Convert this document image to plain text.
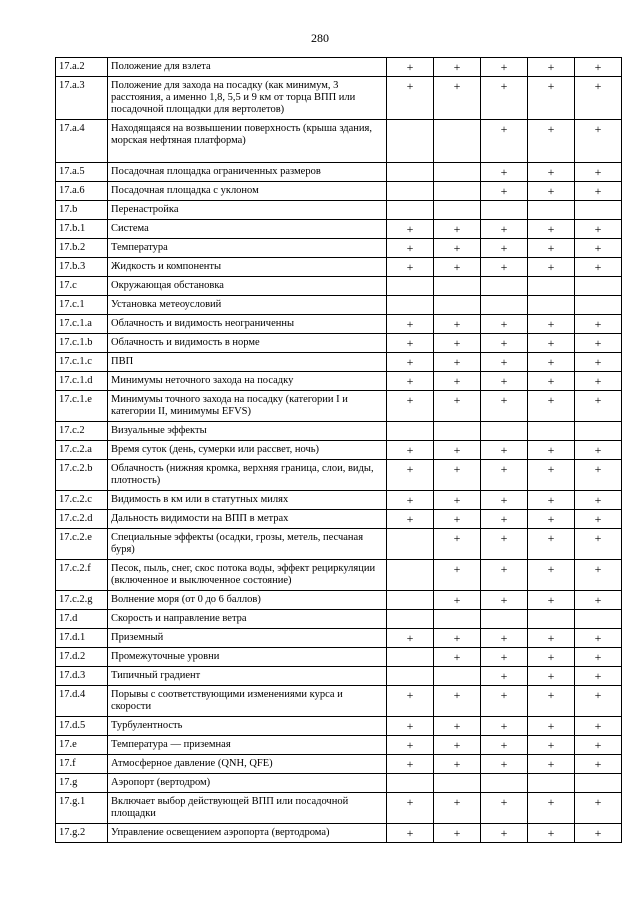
280
17.a.2	Положение для взлета	+	+	+	+	+
17.a.3	Положение для захода на посадку (как минимум, 3 расстояния, а именно 1,8, 5,5 и 9 км от торца ВПП или посадочной площадки для вертолетов)	+	+	+	+	+
17.a.4	Находящаяся на возвышении поверхность (крыша здания, морская нефтяная платформа)			+	+	+
17.a.5	Посадочная площадка ограниченных размеров			+	+	+
17.a.6	Посадочная площадка с уклоном			+	+	+
17.b	Перенастройка					
17.b.1	Система	+	+	+	+	+
17.b.2	Температура	+	+	+	+	+
17.b.3	Жидкость и компоненты	+	+	+	+	+
17.c	Окружающая обстановка					
17.c.1	Установка метеоусловий					
17.c.1.a	Облачность и видимость неограниченны	+	+	+	+	+
17.c.1.b	Облачность и видимость в норме	+	+	+	+	+
17.c.1.c	ПВП	+	+	+	+	+
17.c.1.d	Минимумы неточного захода на посадку	+	+	+	+	+
17.c.1.e	Минимумы точного захода на посадку (категории I и категории II, минимумы EFVS)	+	+	+	+	+
17.c.2	Визуальные эффекты					
17.c.2.a	Время суток (день, сумерки или рассвет, ночь)	+	+	+	+	+
17.c.2.b	Облачность (нижняя кромка, верхняя граница, слои, виды, плотность)	+	+	+	+	+
17.c.2.c	Видимость в км или в статутных милях	+	+	+	+	+
17.c.2.d	Дальность видимости на ВПП в метрах	+	+	+	+	+
17.c.2.e	Специальные эффекты (осадки, грозы, метель, песчаная буря)		+	+	+	+
17.c.2.f	Песок, пыль, снег, скос потока воды, эффект рециркуляции (включенное и выключенное состояние)		+	+	+	+
17.c.2.g	Волнение моря (от 0 до 6 баллов)		+	+	+	+
17.d	Скорость и направление ветра					
17.d.1	Приземный	+	+	+	+	+
17.d.2	Промежуточные уровни		+	+	+	+
17.d.3	Типичный градиент			+	+	+
17.d.4	Порывы с соответствующими изменениями курса и скорости	+	+	+	+	+
17.d.5	Турбулентность	+	+	+	+	+
17.e	Температура — приземная	+	+	+	+	+
17.f	Атмосферное давление (QNH, QFE)	+	+	+	+	+
17.g	Аэропорт (вертодром)					
17.g.1	Включает выбор действующей ВПП или посадочной площадки	+	+	+	+	+
17.g.2	Управление освещением аэропорта (вертодрома)	+	+	+	+	+
